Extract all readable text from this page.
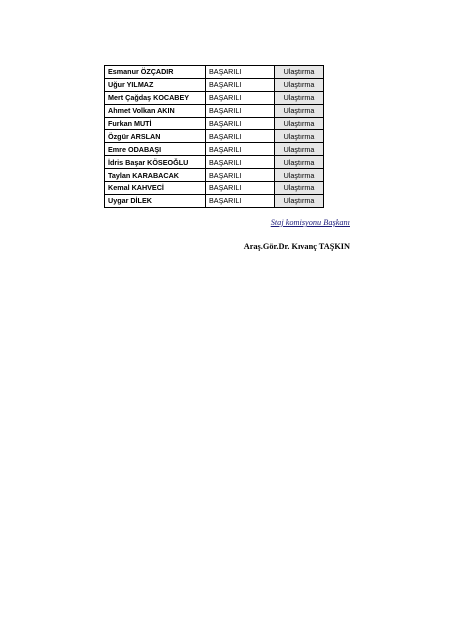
Esmanur ÖZÇADIR	BAŞARILI	Ulaştırma
Uğur YILMAZ	BAŞARILI	Ulaştırma
Mert Çağdaş KOCABEY	BAŞARILI	Ulaştırma
Ahmet Volkan AKIN	BAŞARILI	Ulaştırma
Furkan MUTİ	BAŞARILI	Ulaştırma
Özgür ARSLAN	BAŞARILI	Ulaştırma
Emre ODABAŞI	BAŞARILI	Ulaştırma
İdris Başar KÖSEOĞLU	BAŞARILI	Ulaştırma
Taylan KARABACAK	BAŞARILI	Ulaştırma
Kemal KAHVECİ	BAŞARILI	Ulaştırma
Uygar DİLEK	BAŞARILI	Ulaştırma
Staj komisyonu Başkanı
Araş.Gör.Dr. Kıvanç TAŞKIN
